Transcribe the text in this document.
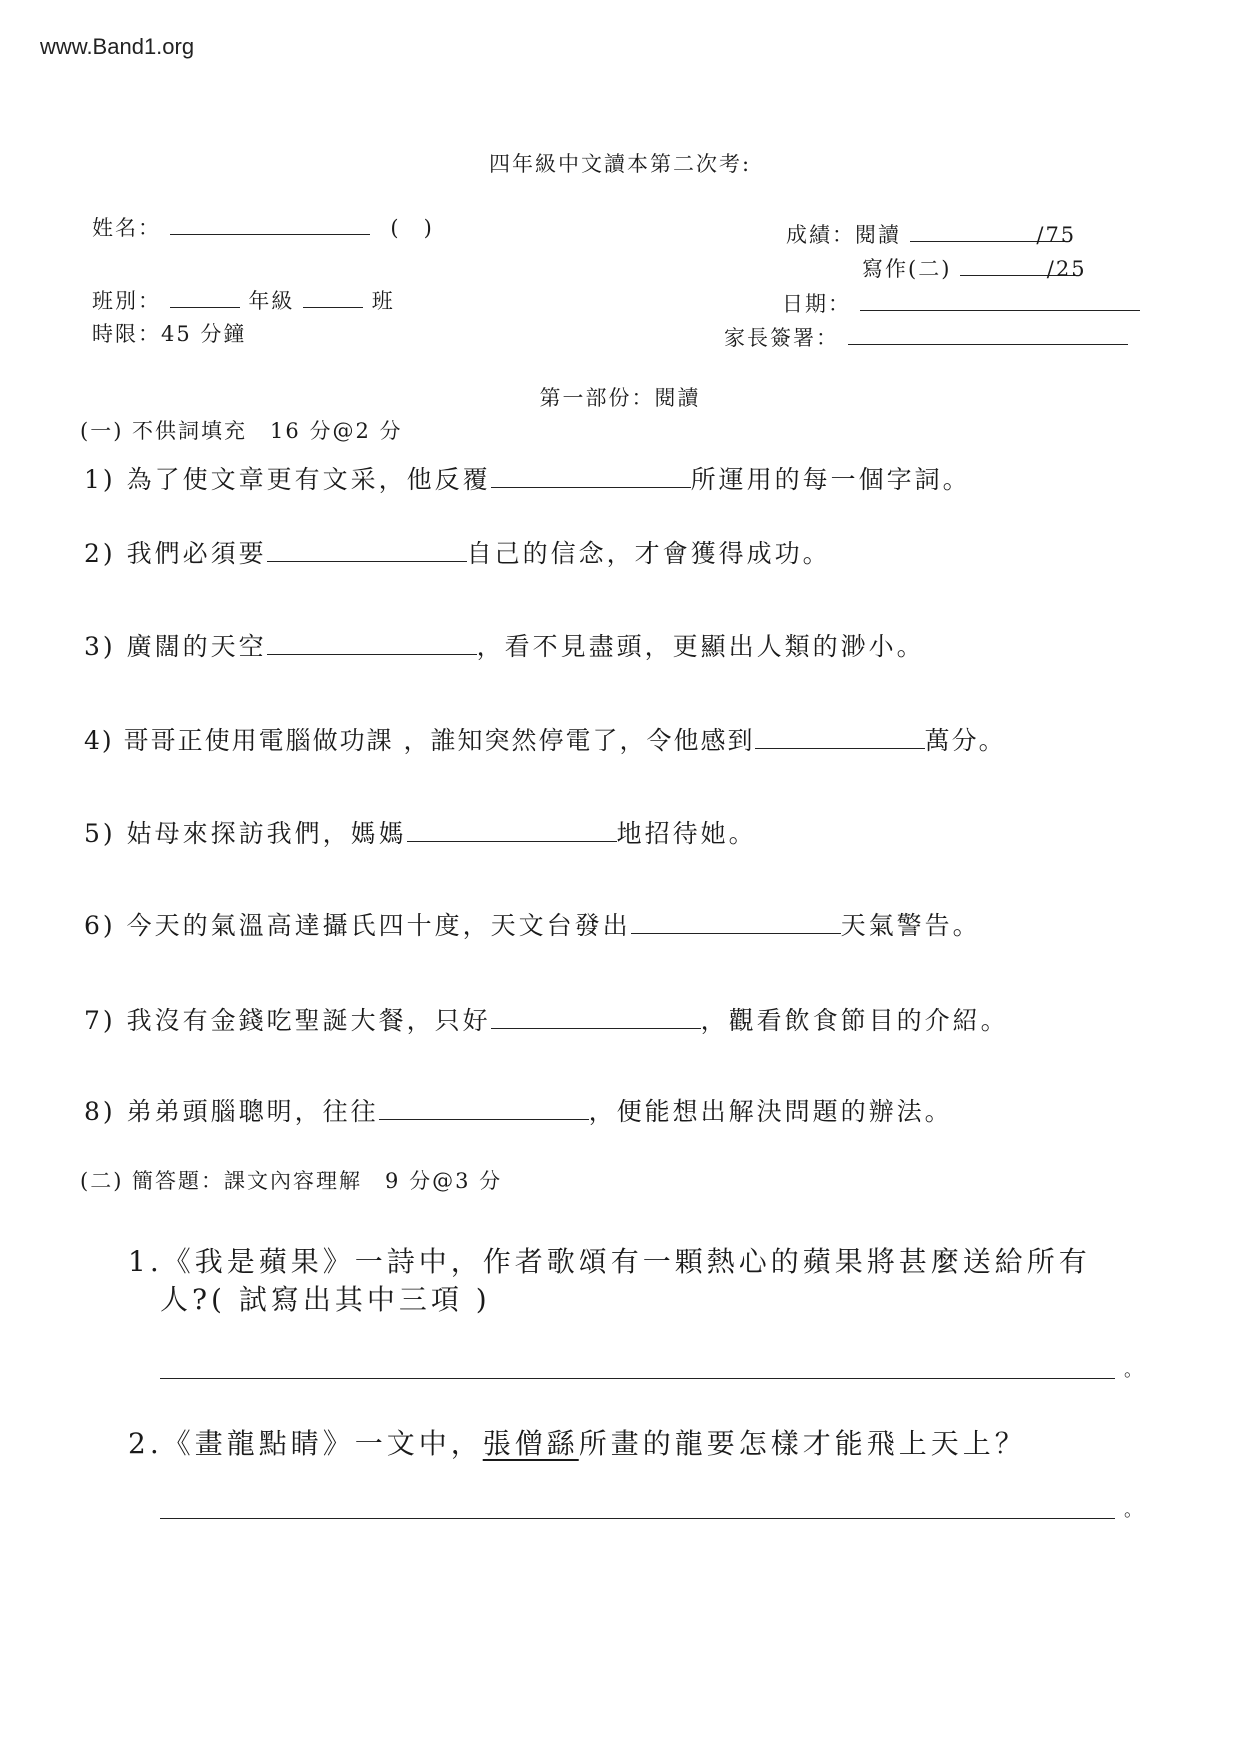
www.Band1.org
四年級中文讀本第二次考:
姓名：	(　)
班別：	年級	班
時限：45 分鐘
成績：閱讀	/75
寫作(二)	/25
日期：
家長簽署：
第一部份：閱讀
(一) 不供詞填充　16 分@2 分
1) 為了使文章更有文采，他反覆	所運用的每一個字詞。
2) 我們必須要	自己的信念，才會獲得成功。
3) 廣闊的天空	，看不見盡頭，更顯出人類的渺小。
4) 哥哥正使用電腦做功課 ，誰知突然停電了，令他感到	萬分。
5) 姑母來探訪我們，媽媽	地招待她。
6) 今天的氣溫高達攝氏四十度，天文台發出	天氣警告。
7) 我沒有金錢吃聖誕大餐，只好	，觀看飲食節目的介紹。
8) 弟弟頭腦聰明，往往	，便能想出解決問題的辦法。
(二) 簡答題：課文內容理解　9 分@3 分
1.《我是蘋果》一詩中，作者歌頌有一顆熱心的蘋果將甚麼送給所有
人?( 試寫出其中三項 )
。
2.《畫龍點睛》一文中，張僧繇所畫的龍要怎樣才能飛上天上？
。
